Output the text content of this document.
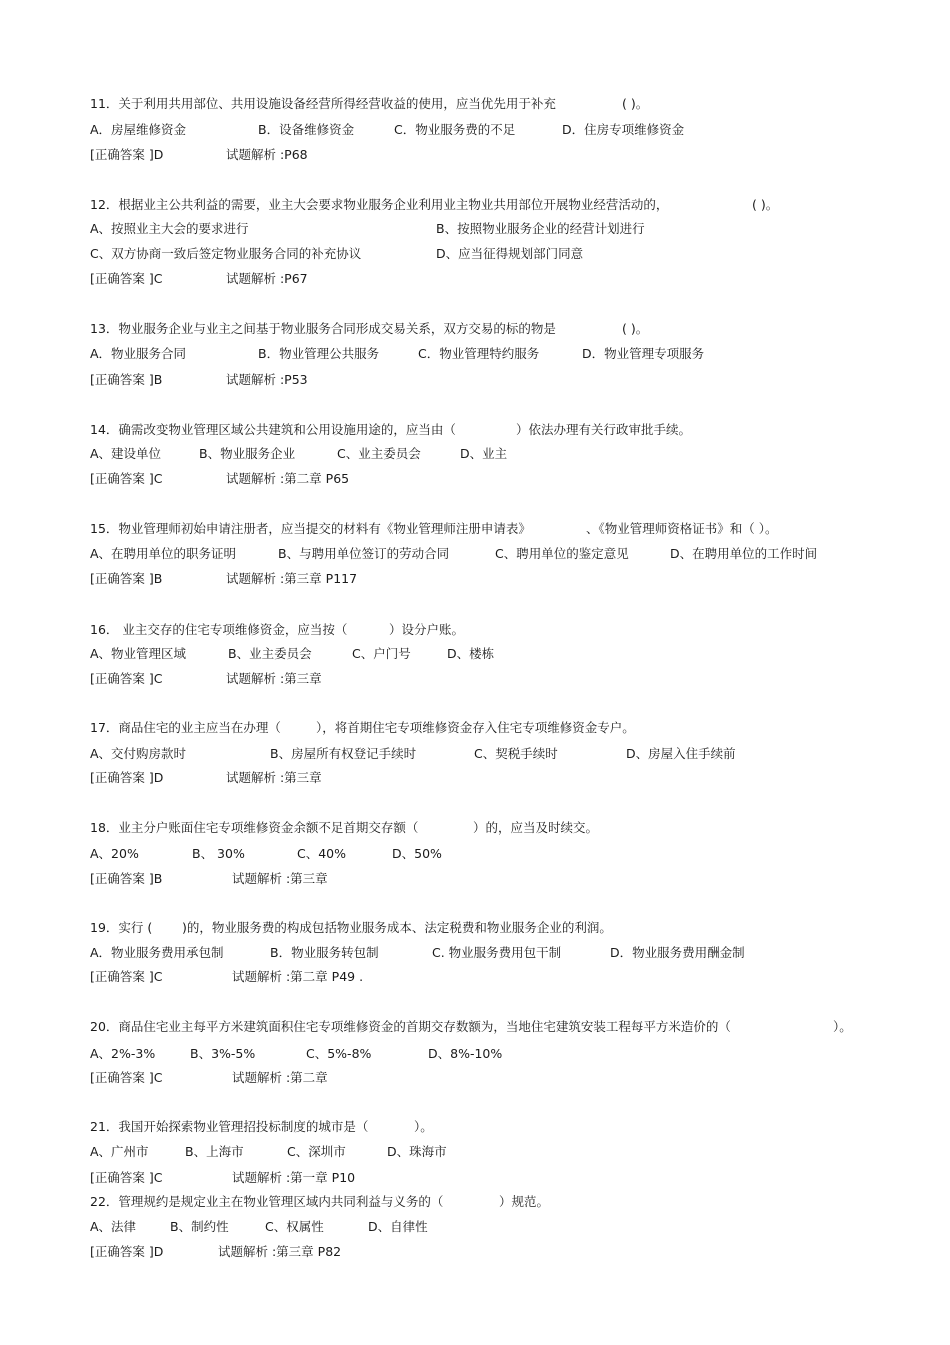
11．关于利用共用部位、共用设施设备经营所得经营收益的使用，应当优先用于补充	( )。
A．房屋维修资金	B．设备维修资金	C．物业服务费的不足	D．住房专项维修资金
[正确答案 ]D	试题解析 :P68
12．根据业主公共利益的需要，业主大会要求物业服务企业利用业主物业共用部位开展物业经营活动的，	( )。
A、按照业主大会的要求进行	B、按照物业服务企业的经营计划进行
C、双方协商一致后签定物业服务合同的补充协议	D、应当征得规划部门同意
[正确答案 ]C	试题解析 :P67
13．物业服务企业与业主之间基于物业服务合同形成交易关系，双方交易的标的物是	( )。
A．物业服务合同	B．物业管理公共服务	C．物业管理特约服务	D．物业管理专项服务
[正确答案 ]B	试题解析 :P53
14．确需改变物业管理区域公共建筑和公用设施用途的，应当由（	）依法办理有关行政审批手续。
A、建设单位	B、物业服务企业	C、业主委员会	D、业主
[正确答案 ]C	试题解析 :第二章 P65
15．物业管理师初始申请注册者，应当提交的材料有《物业管理师注册申请表》	、《物业管理师资格证书》和（ ）。
A、在聘用单位的职务证明	B、与聘用单位签订的劳动合同	C、聘用单位的鉴定意见	D、在聘用单位的工作时间
[正确答案 ]B	试题解析 :第三章 P117
16． 业主交存的住宅专项维修资金，应当按（	）设分户账。
A、物业管理区域	B、业主委员会	C、户门号	D、楼栋
[正确答案 ]C	试题解析 :第三章
17．商品住宅的业主应当在办理（	），将首期住宅专项维修资金存入住宅专项维修资金专户。
A、交付购房款时	B、房屋所有权登记手续时	C、契税手续时	D、房屋入住手续前
[正确答案 ]D	试题解析 :第三章
18．业主分户账面住宅专项维修资金余额不足首期交存额（	）的，应当及时续交。
A、20%	B、 30%	C、40%	D、50%
[正确答案 ]B	试题解析 :第三章
19．实行 ( )的，物业服务费的构成包括物业服务成本、法定税费和物业服务企业的利润。
A．物业服务费用承包制	B．物业服务转包制	C. 物业服务费用包干制	D．物业服务费用酬金制
[正确答案 ]C	试题解析 :第二章 P49 .
20．商品住宅业主每平方米建筑面积住宅专项维修资金的首期交存数额为，当地住宅建筑安装工程每平方米造价的（	）。
A、2%-3%	B、3%-5%	C、5%-8%	D、8%-10%
[正确答案 ]C	试题解析 :第二章
21．我国开始探索物业管理招投标制度的城市是（	）。
A、广州市	B、上海市	C、深圳市	D、珠海市
[正确答案 ]C	试题解析 :第一章 P10
22．管理规约是规定业主在物业管理区域内共同利益与义务的（	）规范。
A、法律	B、制约性	C、权属性	D、自律性
[正确答案 ]D	试题解析 :第三章 P82
